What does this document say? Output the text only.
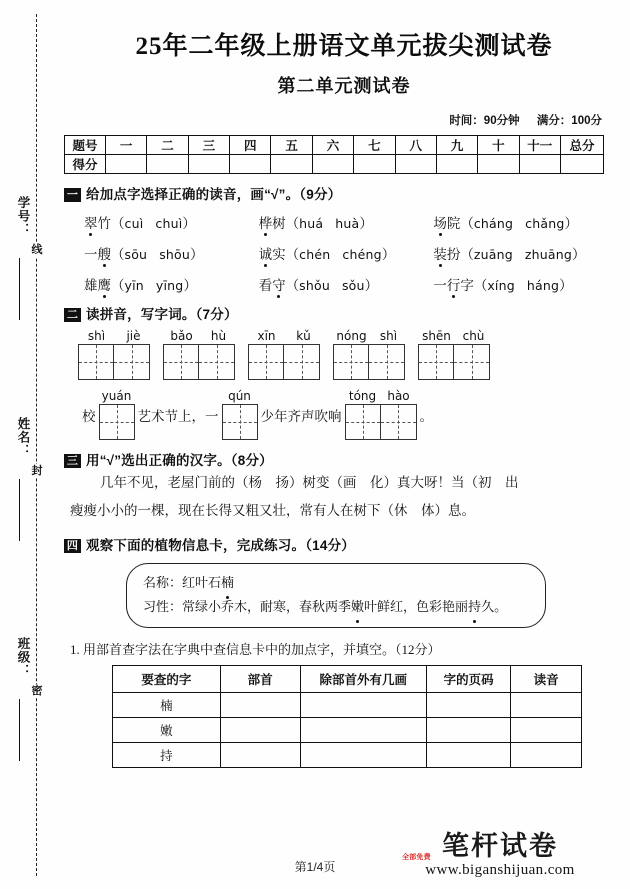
线
封
密
学号：
姓名：
班级：
25年二年级上册语文单元拔尖测试卷
第二单元测试卷
时间：90分钟 满分：100分
题号	一	二	三	四	五	六	七	八	九	十	十一	总分
得分												
一 给加点字选择正确的读音，画“√”。（9分）
翠竹（cuì chuì）	桦树（huá huà）	场院（cháng chǎng）
一艘（sōu shōu）	诚实（chén chéng）	装扮（zuāng zhuāng）
雄鹰（yīn yīng）	看守（shǒu sǒu）	一行字（xíng háng）
二 读拼音，写字词。（7分）
shì	jiè	bǎo	hù	xīn	kǔ	nóng	shì	shēn chù
校
yuán
艺术节上，一
qún
少年齐声吹响
tóng hào
。
三 用“√”选出正确的汉字。（8分）
几年不见，老屋门前的（杨　扬）树变（画　化）真大呀！当（初　出
瘦瘦小小的一棵，现在长得又粗又壮，常有人在树下（休　体）息。
四 观察下面的植物信息卡，完成练习。（14分）
名称：红叶石楠
习性：常绿小乔木，耐寒，春秋两季嫩叶鲜红，色彩艳丽持久。
1. 用部首查字法在字典中查信息卡中的加点字，并填空。（12分）
要查的字	部首	除部首外有几画	字的页码	读音
楠				
嫩				
持				
第1/4页
笔杆试卷
www.biganshijuan.com
全部免费
